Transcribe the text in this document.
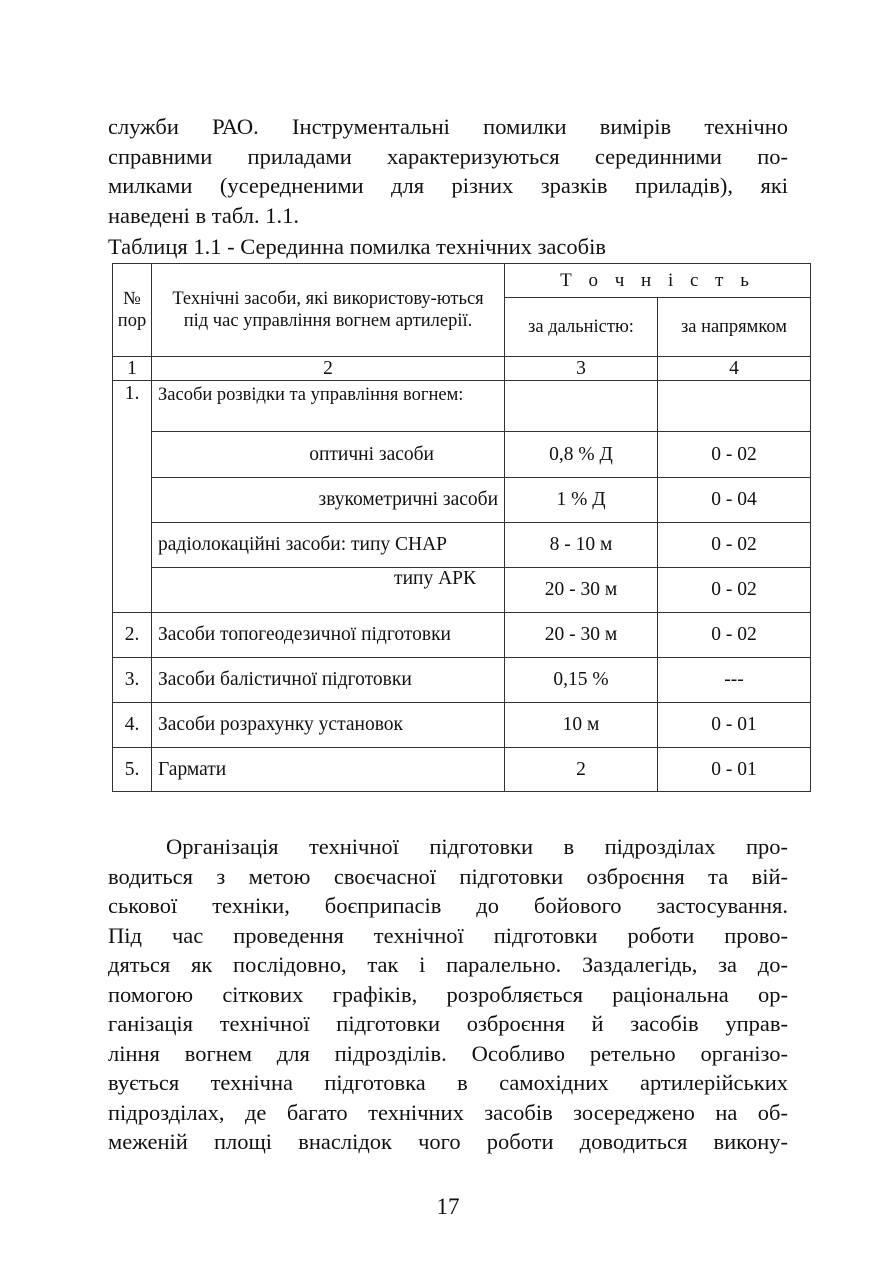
служби РАО. Інструментальні помилки вимірів технічно
справними приладами характеризуються серединними по-
милками (усередненими для різних зразків приладів), які
наведені в табл. 1.1.
Таблиця 1.1 - Серединна помилка технічних засобів
№ пор	Технічні засоби, які використову-ються під час управління вогнем артилерії.	Т о ч н і с т ь	
		за дальністю:	за напрямком
1	2	3	4
1.	Засоби розвідки та управління вогнем:		
	оптичні засоби	0,8 % Д	0 - 02
	звукометричні засоби	1 % Д	0 - 04
	радіолокаційні засоби: типу СНАР	8 - 10 м	0 - 02
	типу АРК	20 - 30 м	0 - 02
2.	Засоби топогеодезичної підготовки	20 - 30 м	0 - 02
3.	Засоби балістичної підготовки	0,15 %	---
4.	Засоби розрахунку установок	10 м	0 - 01
5.	Гармати	2	0 - 01
Організація технічної підготовки в підрозділах про-
водиться з метою своєчасної підготовки озброєння та вій-
ськової техніки, боєприпасів до бойового застосування.
Під час проведення технічної підготовки роботи прово-
дяться як послідовно, так і паралельно. Заздалегідь, за до-
помогою сіткових графіків, розробляється раціональна ор-
ганізація технічної підготовки озброєння й засобів управ-
ління вогнем для підрозділів. Особливо ретельно організо-
вується технічна підготовка в самохідних артилерійських
підрозділах, де багато технічних засобів зосереджено на об-
меженій площі внаслідок чого роботи доводиться викону-
17
